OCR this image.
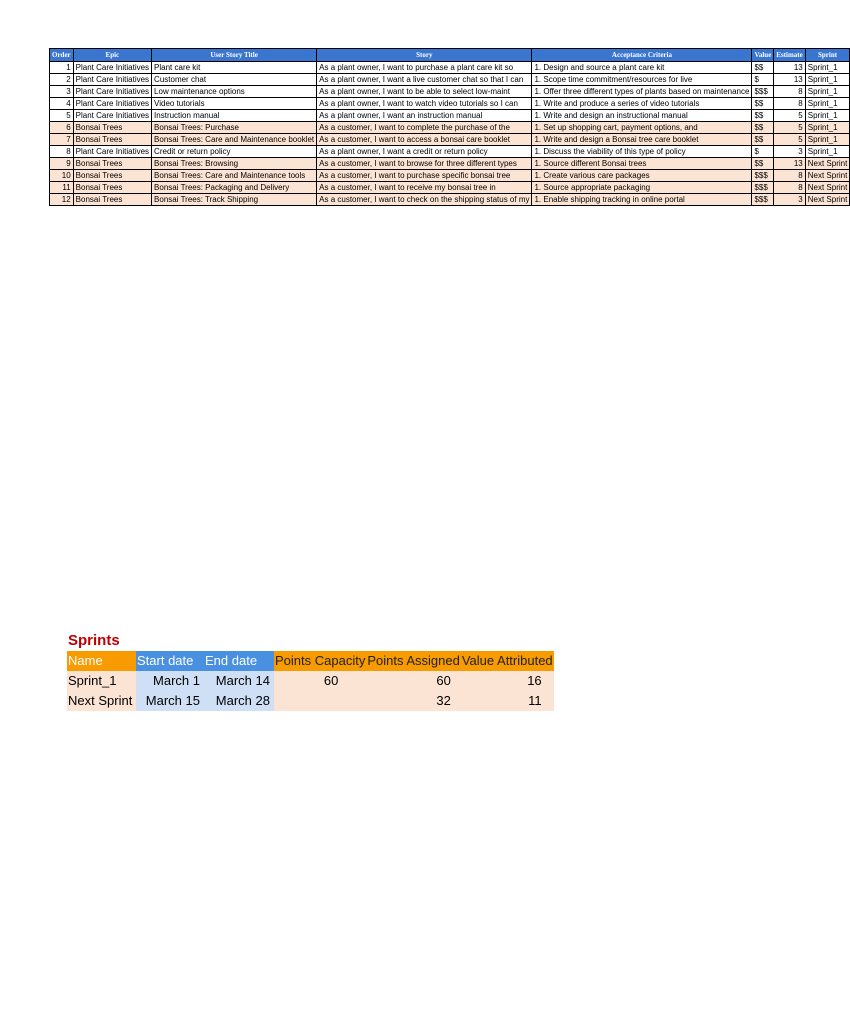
Order	Epic	User Story Title	Story	Acceptance Criteria	Value	Estimate	Sprint
1	Plant Care Initiatives	Plant care kit	As a plant owner, I want to purchase a plant care kit so	1. Design and source a plant care kit	$$	13	Sprint_1
2	Plant Care Initiatives	Customer chat	As a plant owner, I want a live customer chat so that I can	1. Scope time commitment/resources for live	$	13	Sprint_1
3	Plant Care Initiatives	Low maintenance options	As a plant owner, I want to be able to select low-maint	1. Offer three different types of plants based on maintenance	$$$	8	Sprint_1
4	Plant Care Initiatives	Video tutorials	As a plant owner, I want to watch video tutorials so I can	1. Write and produce a series of video tutorials	$$	8	Sprint_1
5	Plant Care Initiatives	Instruction manual	As a plant owner, I want an instruction manual	1. Write and design an instructional manual	$$	5	Sprint_1
6	Bonsai Trees	Bonsai Trees: Purchase	As a customer, I want to complete the purchase of the	1. Set up shopping cart, payment options, and	$$	5	Sprint_1
7	Bonsai Trees	Bonsai Trees: Care and Maintenance booklet	As a customer, I want to access a bonsai care booklet	1. Write and design a Bonsai tree care booklet	$$	5	Sprint_1
8	Plant Care Initiatives	Credit or return policy	As a plant owner, I want a credit or return policy	1. Discuss the viability of this type of policy	$	3	Sprint_1
9	Bonsai Trees	Bonsai Trees: Browsing	As a customer, I want to browse for three different types	1. Source different Bonsai trees	$$	13	Next Sprint
10	Bonsai Trees	Bonsai Trees: Care and Maintenance tools	As a customer, I want to purchase specific bonsai tree	1. Create various care packages	$$$	8	Next Sprint
11	Bonsai Trees	Bonsai Trees: Packaging and Delivery	As a customer, I want to receive my bonsai tree in	1. Source appropriate packaging	$$$	8	Next Sprint
12	Bonsai Trees	Bonsai Trees: Track Shipping	As a customer, I want to check on the shipping status of my	1. Enable shipping tracking in online portal	$$$	3	Next Sprint
Sprints
Name	Start date	End date	Points Capacity	Points Assigned	Value Attributed
Sprint_1	March 1	March 14	60	60	16
Next Sprint	March 15	March 28		32	11
